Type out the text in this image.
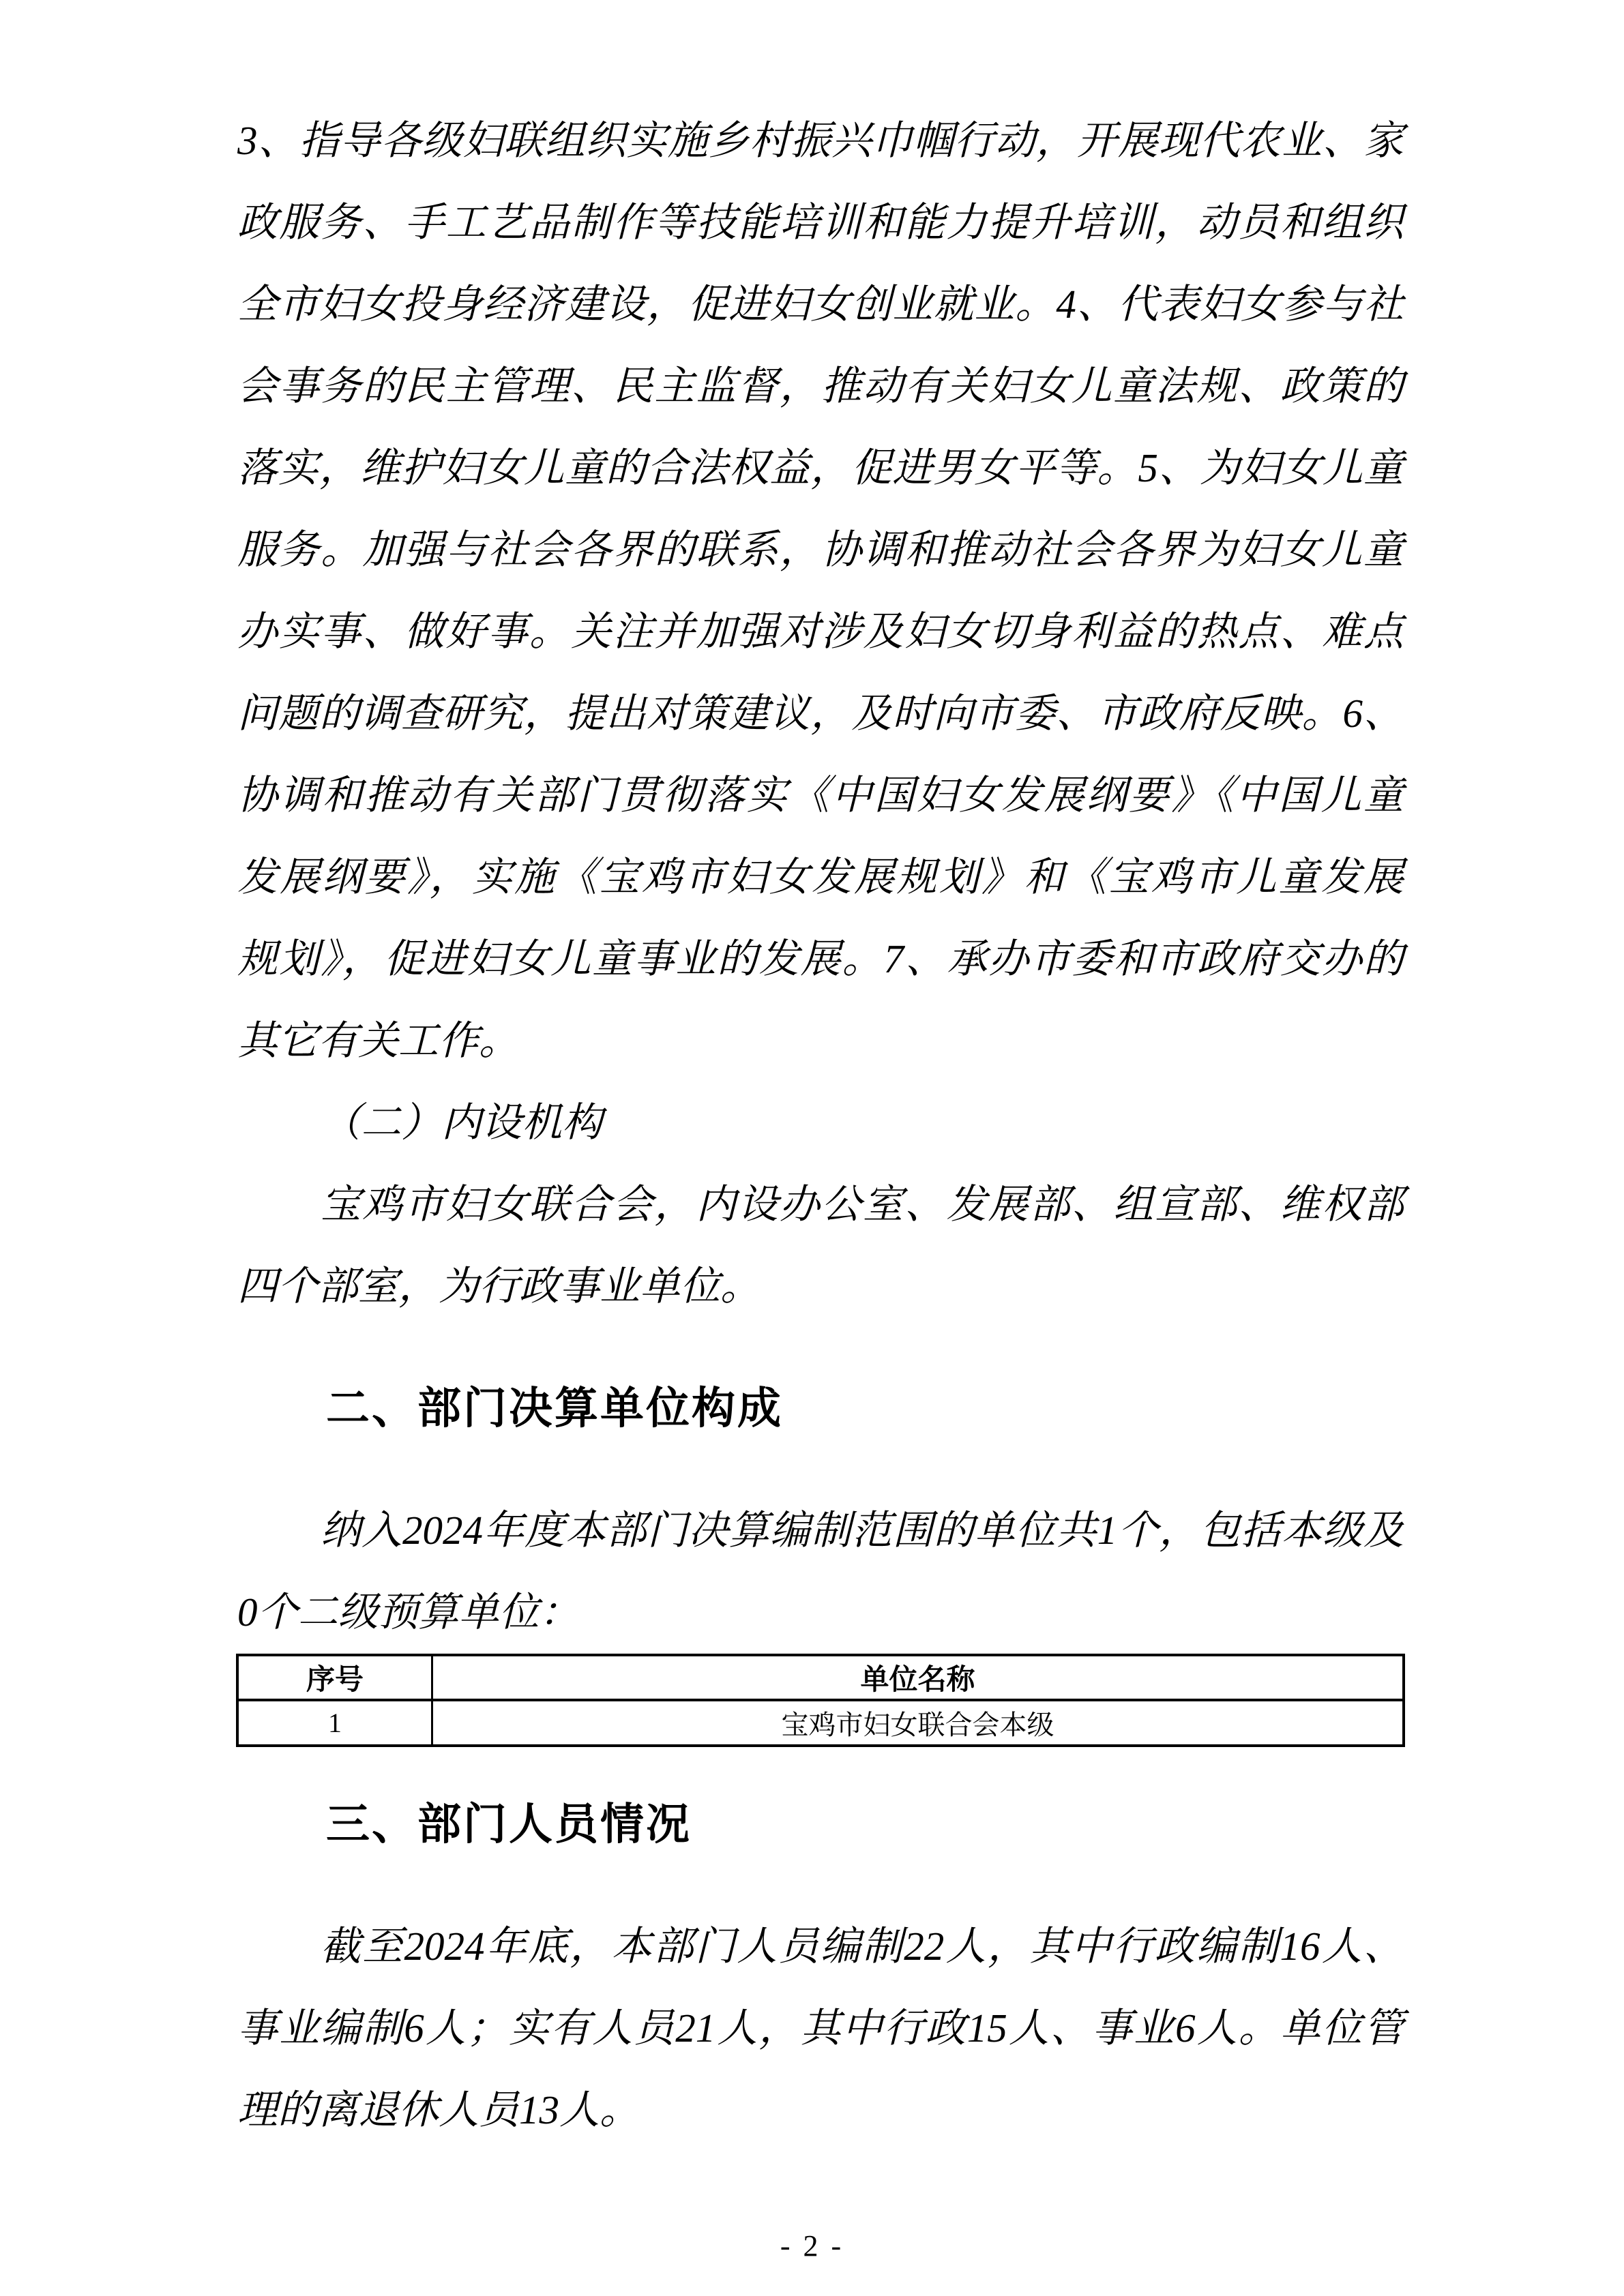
3、指导各级妇联组织实施乡村振兴巾帼行动，开展现代农业、家
政服务、手工艺品制作等技能培训和能力提升培训，动员和组织
全市妇女投身经济建设，促进妇女创业就业。4、代表妇女参与社
会事务的民主管理、民主监督，推动有关妇女儿童法规、政策的
落实，维护妇女儿童的合法权益，促进男女平等。5、为妇女儿童
服务。加强与社会各界的联系，协调和推动社会各界为妇女儿童
办实事、做好事。关注并加强对涉及妇女切身利益的热点、难点
问题的调查研究，提出对策建议，及时向市委、市政府反映。6、
协调和推动有关部门贯彻落实《中国妇女发展纲要》《中国儿童
发展纲要》，实施《宝鸡市妇女发展规划》和《宝鸡市儿童发展
规划》，促进妇女儿童事业的发展。7、承办市委和市政府交办的
其它有关工作。
（二）内设机构
宝鸡市妇女联合会，内设办公室、发展部、组宣部、维权部
四个部室，为行政事业单位。
二、部门决算单位构成
纳入2024年度本部门决算编制范围的单位共1个，包括本级及
0个二级预算单位：
序号	单位名称
1	宝鸡市妇女联合会本级
三、部门人员情况
截至2024年底，本部门人员编制22人，其中行政编制16人、
事业编制6人；实有人员21人，其中行政15人、事业6人。单位管
理的离退休人员13人。
- 2 -
